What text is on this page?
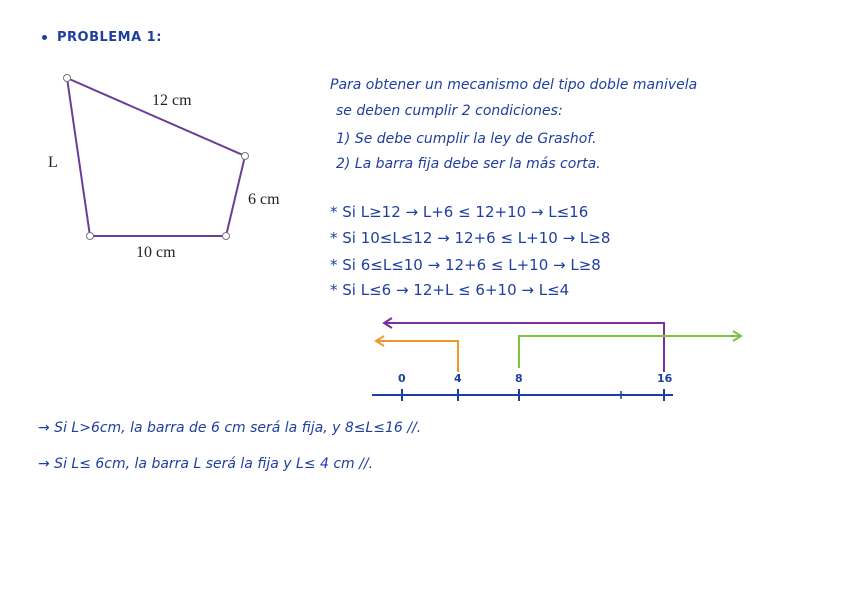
PROBLEMA 1:
12 cm
L
6 cm
10 cm
Para obtener un mecanismo del tipo doble manivela
se deben cumplir 2 condiciones:
1) Se debe cumplir la ley de Grashof.
2) La barra fija debe ser la más corta.
* Si L≥12 → L+6 ≤ 12+10 → L≤16
* Si 10≤L≤12 → 12+6 ≤ L+10 → L≥8
* Si 6≤L≤10 → 12+6 ≤ L+10 → L≥8
* Si L≤6 → 12+L ≤ 6+10 → L≤4
0	4	8	16
→ Si L>6cm, la barra de 6 cm será la fija, y 8≤L≤16 //.
→ Si L≤ 6cm, la barra L será la fija y L≤ 4 cm //.
